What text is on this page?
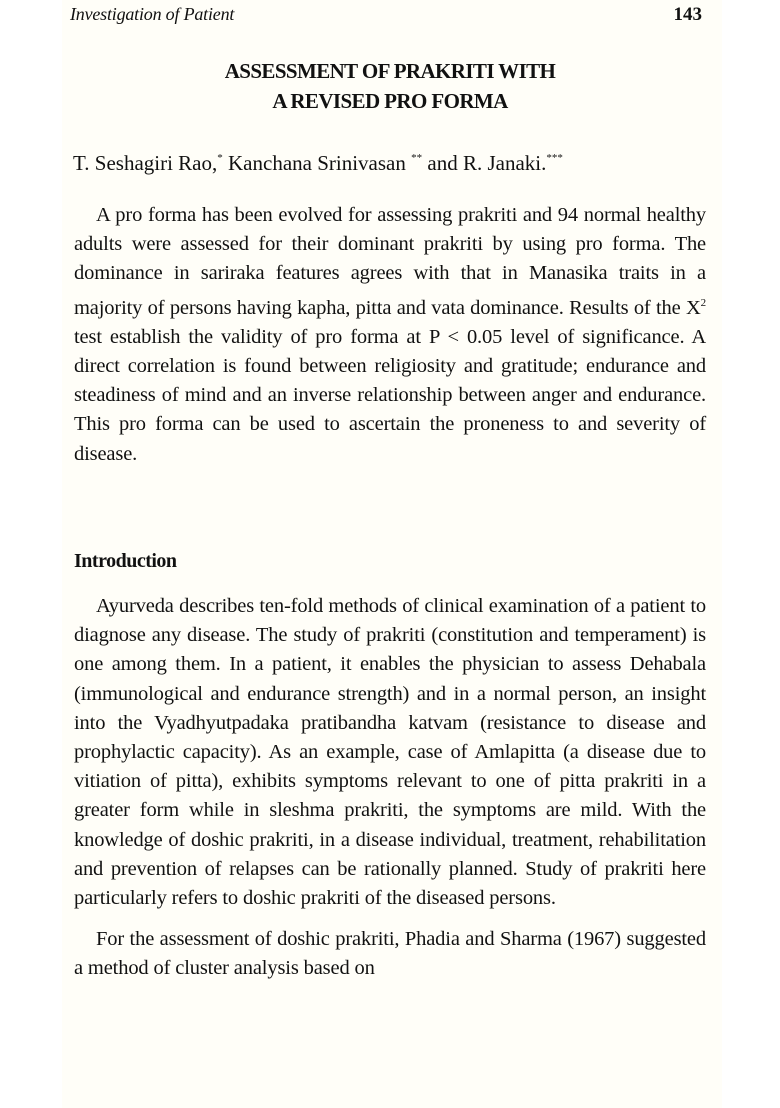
Investigation of Patient	143
ASSESSMENT OF PRAKRITI WITH
A REVISED PRO FORMA
T. Seshagiri Rao,* Kanchana Srinivasan ** and R. Janaki.***

A pro forma has been evolved for assessing prakriti and 94 normal healthy adults were assessed for their dominant prakriti by using pro forma. The dominance in sariraka features agrees with that in Manasika traits in a majority of persons having kapha, pitta and vata dominance. Results of the $X^2$ test establish the validity of pro forma at P < 0.05 level of significance. A direct correlation is found between religiosity and gratitude; endurance and steadiness of mind and an inverse relationship between anger and endurance. This pro forma can be used to ascertain the proneness to and severity of disease.

Introduction

Ayurveda describes ten-fold methods of clinical examination of a patient to diagnose any disease. The study of prakriti (constitution and temperament) is one among them. In a patient, it enables the physician to assess Dehabala (immunological and endurance strength) and in a normal person, an insight into the Vyadhyutpadaka pratibandha katvam (resistance to disease and prophylactic capacity). As an example, case of Amlapitta (a disease due to vitiation of pitta), exhibits symptoms relevant to one of pitta prakriti in a greater form while in sleshma prakriti, the symptoms are mild. With the knowledge of doshic prakriti, in a disease individual, treatment, rehabilitation and prevention of relapses can be rationally planned. Study of prakriti here particularly refers to doshic prakriti of the diseased persons.

For the assessment of doshic prakriti, Phadia and Sharma (1967) suggested a method of cluster analysis based on
